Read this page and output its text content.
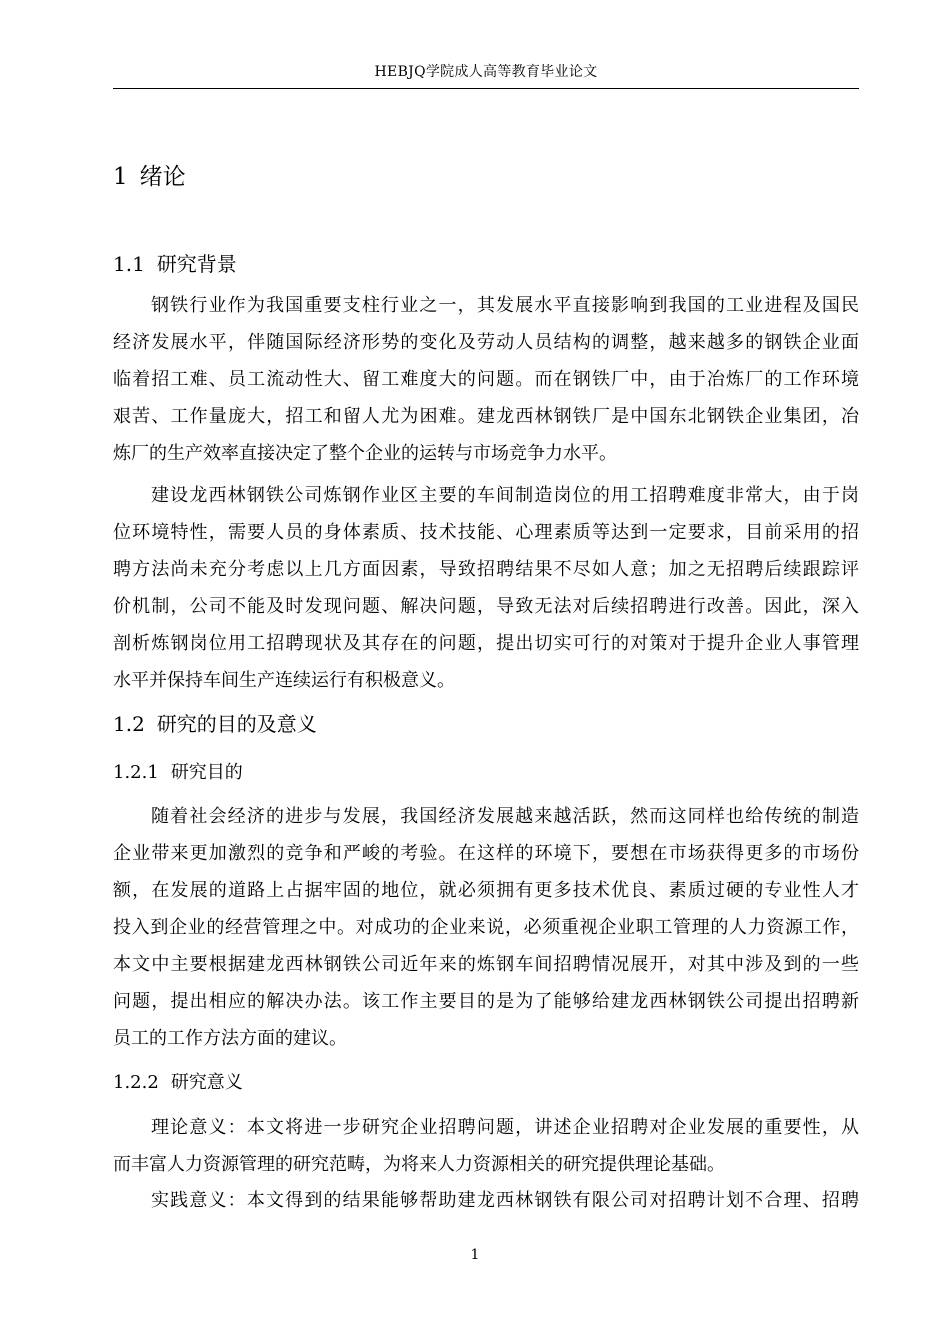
HEBJQ学院成人高等教育毕业论文
1 绪论
1.1 研究背景
钢铁行业作为我国重要支柱行业之一，其发展水平直接影响到我国的工业进程及国民
经济发展水平，伴随国际经济形势的变化及劳动人员结构的调整，越来越多的钢铁企业面
临着招工难、员工流动性大、留工难度大的问题。而在钢铁厂中，由于冶炼厂的工作环境
艰苦、工作量庞大，招工和留人尤为困难。建龙西林钢铁厂是中国东北钢铁企业集团，冶
炼厂的生产效率直接决定了整个企业的运转与市场竞争力水平。
建设龙西林钢铁公司炼钢作业区主要的车间制造岗位的用工招聘难度非常大，由于岗
位环境特性，需要人员的身体素质、技术技能、心理素质等达到一定要求，目前采用的招
聘方法尚未充分考虑以上几方面因素，导致招聘结果不尽如人意；加之无招聘后续跟踪评
价机制，公司不能及时发现问题、解决问题，导致无法对后续招聘进行改善。因此，深入
剖析炼钢岗位用工招聘现状及其存在的问题，提出切实可行的对策对于提升企业人事管理
水平并保持车间生产连续运行有积极意义。
1.2 研究的目的及意义
1.2.1 研究目的
随着社会经济的进步与发展，我国经济发展越来越活跃，然而这同样也给传统的制造
企业带来更加激烈的竞争和严峻的考验。在这样的环境下，要想在市场获得更多的市场份
额，在发展的道路上占据牢固的地位，就必须拥有更多技术优良、素质过硬的专业性人才
投入到企业的经营管理之中。对成功的企业来说，必须重视企业职工管理的人力资源工作，
本文中主要根据建龙西林钢铁公司近年来的炼钢车间招聘情况展开，对其中涉及到的一些
问题，提出相应的解决办法。该工作主要目的是为了能够给建龙西林钢铁公司提出招聘新
员工的工作方法方面的建议。
1.2.2 研究意义
理论意义：本文将进一步研究企业招聘问题，讲述企业招聘对企业发展的重要性，从
而丰富人力资源管理的研究范畴，为将来人力资源相关的研究提供理论基础。
实践意义：本文得到的结果能够帮助建龙西林钢铁有限公司对招聘计划不合理、招聘
1
